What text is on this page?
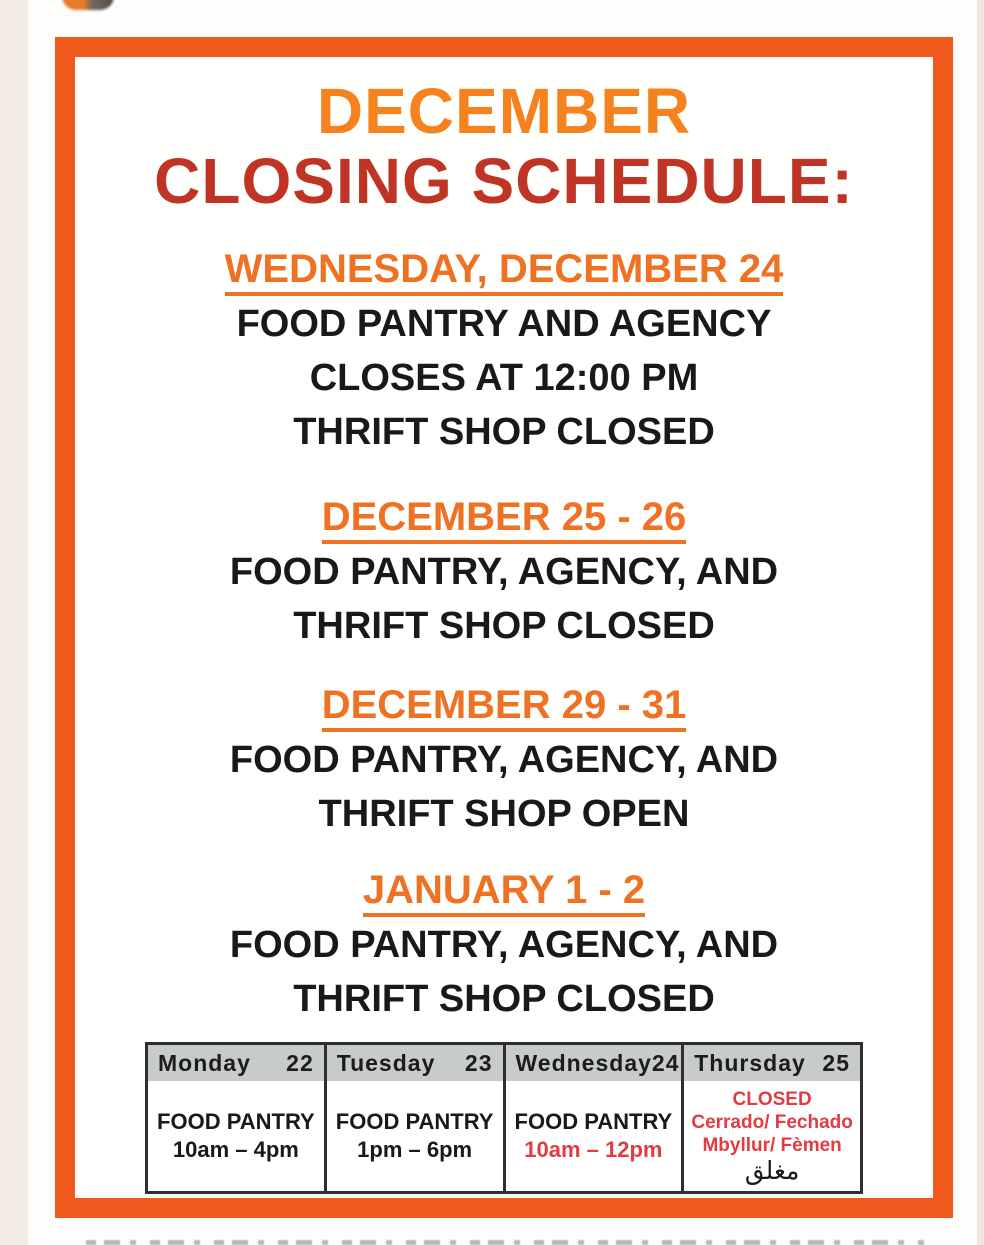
DECEMBER
CLOSING SCHEDULE:
WEDNESDAY, DECEMBER 24
FOOD PANTRY AND AGENCY
CLOSES AT 12:00 PM
THRIFT SHOP CLOSED
DECEMBER 25 - 26
FOOD PANTRY, AGENCY, AND
THRIFT SHOP CLOSED
DECEMBER 29 - 31
FOOD PANTRY, AGENCY, AND
THRIFT SHOP OPEN
JANUARY 1 - 2
FOOD PANTRY, AGENCY, AND
THRIFT SHOP CLOSED
Monday 22
FOOD PANTRY
10am – 4pm
Tuesday 23
FOOD PANTRY
1pm – 6pm
Wednesday 24
FOOD PANTRY
10am – 12pm
Thursday 25
CLOSED
Cerrado/ Fechado
Mbyllur/ Fèmen
مغلق
